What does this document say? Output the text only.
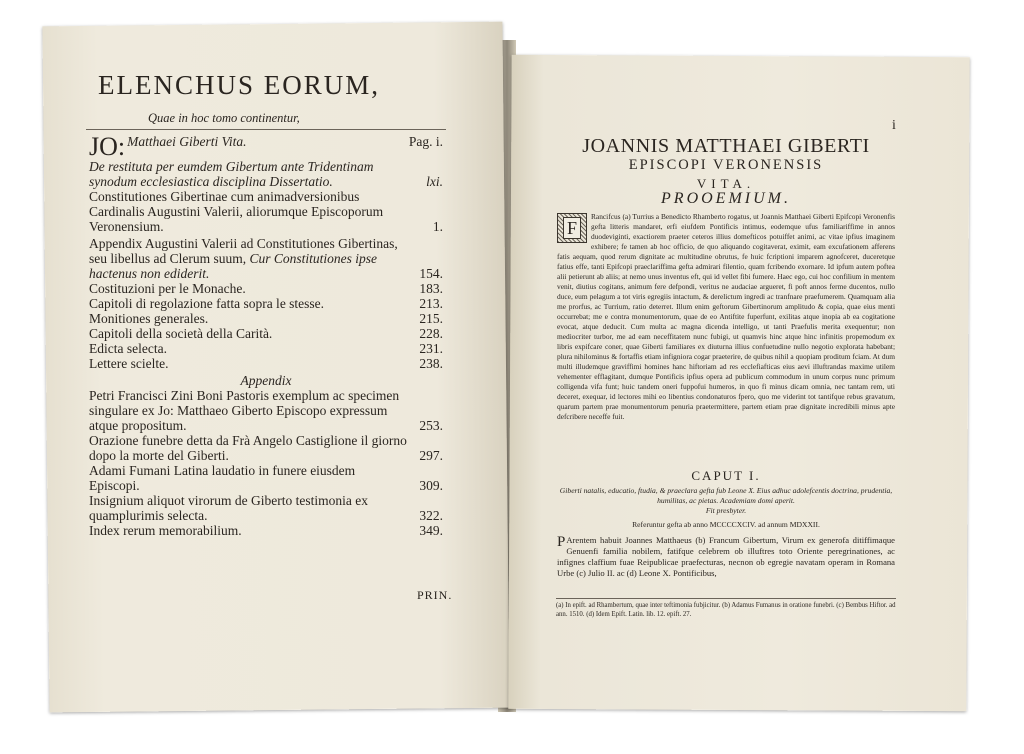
ELENCHUS EORUM,
Quae in hoc tomo continentur,
JO: Matthaei Giberti Vita.	Pag. i.
De restituta per eumdem Gibertum ante Tridentinam synodum ecclesiastica disciplina Dissertatio.	lxi.
Constitutiones Gibertinae cum animadversionibus Cardinalis Augustini Valerii, aliorumque Episcoporum Veronensium.	1.
Appendix Augustini Valerii ad Constitutiones Gibertinas, seu libellus ad Clerum suum, Cur Constitutiones ipse hactenus non ediderit.	154.
Costituzioni per le Monache.	183.
Capitoli di regolazione fatta sopra le stesse.	213.
Monitiones generales.	215.
Capitoli della società della Carità.	228.
Edicta selecta.	231.
Lettere scielte.	238.
Appendix
Petri Francisci Zini Boni Pastoris exemplum ac specimen singulare ex Jo: Matthaeo Giberto Episcopo expressum atque propositum.	253.
Orazione funebre detta da Frà Angelo Castiglione il giorno dopo la morte del Giberti.	297.
Adami Fumani Latina laudatio in funere eiusdem Episcopi.	309.
Insignium aliquot virorum de Giberto testimonia ex quamplurimis selecta.	322.
Index rerum memorabilium.	349.
PRIN.
i
JOANNIS MATTHAEI GIBERTI
EPISCOPI VERONENSIS
VITA.
PROOEMIUM.
F
Rancifcus (a) Turrius a Benedicto Rhamberto rogatus, ut Joannis Matthaei Giberti Epifcopi Veronenfis gefta litteris mandaret, erfi eiufdem Pontificis intimus, eodemque ufus familiariffime in annos duodeviginti, exactiorem praeter ceteros illius domefticos potuiffet animi, ac vitae ipfius imaginem exhibere; fe tamen ab hoc officio, de quo aliquando cogitaverat, eximit, eam excufationem afferens fatis aequam, quod rerum dignitate ac multitudine obrutus, fe huic fcriptioni imparem agnofceret, duceretque fatius effe, tanti Epifcopi praeclariffima gefta admirari filentio, quam fcribendo exornare. Id ipfum autem poftea alii petierunt ab aliis; at nemo unus inventus eft, qui id vellet fibi fumere. Haec ego, cui hoc confilium in mentem venit, diutius cogitans, animum fere defpondi, veritus ne audaciae argueret, fi poft annos ferme ducentos, nullo duce, eum pelagum a tot viris egregiis intactum, & derelictum ingredi ac tranfnare praefumerem. Quamquam alia me prorfus, ac Turrium, ratio deterret. Illum enim geftorum Gibertinorum amplitudo & copia, quae eius menti occurrebat; me e contra monumentorum, quae de eo Antiftite fuperfunt, exilitas atque inopia ab ea cogitatione evocat, atque deducit. Cum multa ac magna dicenda intelligo, ut tanti Praefulis merita exequentur; non mediocriter turbor, me ad eam neceffitatem nunc fubigi, ut quamvis hinc atque hinc infinitis propemodum ex libris expifcare coner, quae Giberti familiares ex diuturna illius confuetudine nullo negotio explorata habebant; plura nihilominus & fortaffis etiam infigniora cogar praeterire, de quibus nihil a quopiam proditum fciam. At dum multi illudemque graviffimi homines hanc hiftoriam ad res ecclefiafticas eius aevi illuftrandas maxime utilem vehementer efflagitant, dumque Pontificis ipfius opera ad publicum commodum in unum corpus nunc primum colligenda vifa funt; huic tandem oneri fuppofui humeros, in quo fi minus dicam omnia, nec tantam rem, uti deceret, exequar, id lectores mihi eo libentius condonaturos fpero, quo me viderint tot tantifque rebus gravatum, quarum partem prae monumentorum penuria praetermittere, partem etiam prae dignitate incredibili minus apte defcribere neceffe fuit.
CAPUT I.
Giberti natalis, educatio, ftudia, & praeclara gefta fub Leone X. Eius adhuc adolefcentis doctrina, prudentia, humilitas, ac pietas. Academiam domi aperit.
Fit presbyter.
Referuntur gefta ab anno MCCCCXCIV. ad annum MDXXII.
P Arentem habuit Joannes Matthaeus (b) Francum Gibertum, Virum ex generofa ditiffimaque Genuenfi familia nobilem, fatifque celebrem ob illuftres toto Oriente peregrinationes, ac infignes claffium fuae Reipublicae praefecturas, necnon ob egregie navatam operam in Romana Urbe (c) Julio II. ac (d) Leone X. Pontificibus,
(a) In epift. ad Rhambertum, quae inter teftimonia fubjicitur. (b) Adamus Fumanus in oratione funebri. (c) Bembus Hiftor. ad ann. 1510. (d) Idem Epift. Latin. lib. 12. epift. 27.
